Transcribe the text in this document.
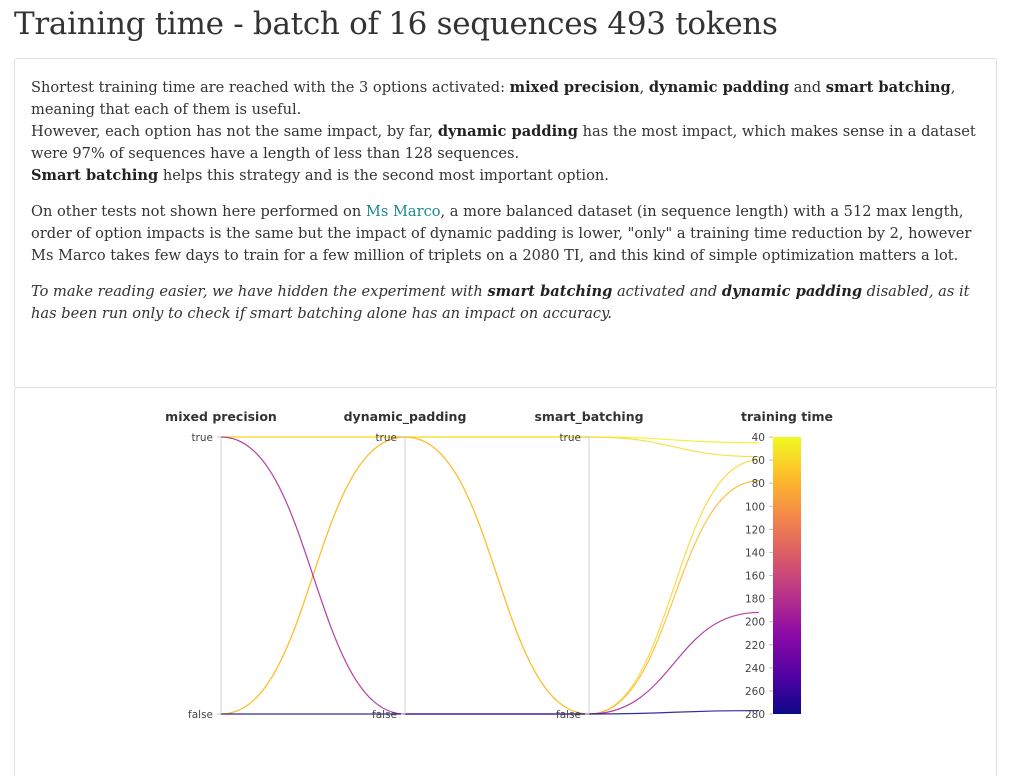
Training time - batch of 16 sequences 493 tokens

Shortest training time are reached with the 3 options activated: mixed precision, dynamic padding and smart batching, meaning that each of them is useful.
However, each option has not the same impact, by far, dynamic padding has the most impact, which makes sense in a dataset were 97% of sequences have a length of less than 128 sequences.
Smart batching helps this strategy and is the second most important option.

On other tests not shown here performed on Ms Marco, a more balanced dataset (in sequence length) with a 512 max length, order of option impacts is the same but the impact of dynamic padding is lower, "only" a training time reduction by 2, however Ms Marco takes few days to train for a few million of triplets on a 2080 TI, and this kind of simple optimization matters a lot.

To make reading easier, we have hidden the experiment with smart batching activated and dynamic padding disabled, as it has been run only to check if smart batching alone has an impact on accuracy.

mixed precision
true
false
dynamic_padding
true
false
smart_batching
true
false
training time
40
60
80
100
120
140
160
180
200
220
240
260
280
